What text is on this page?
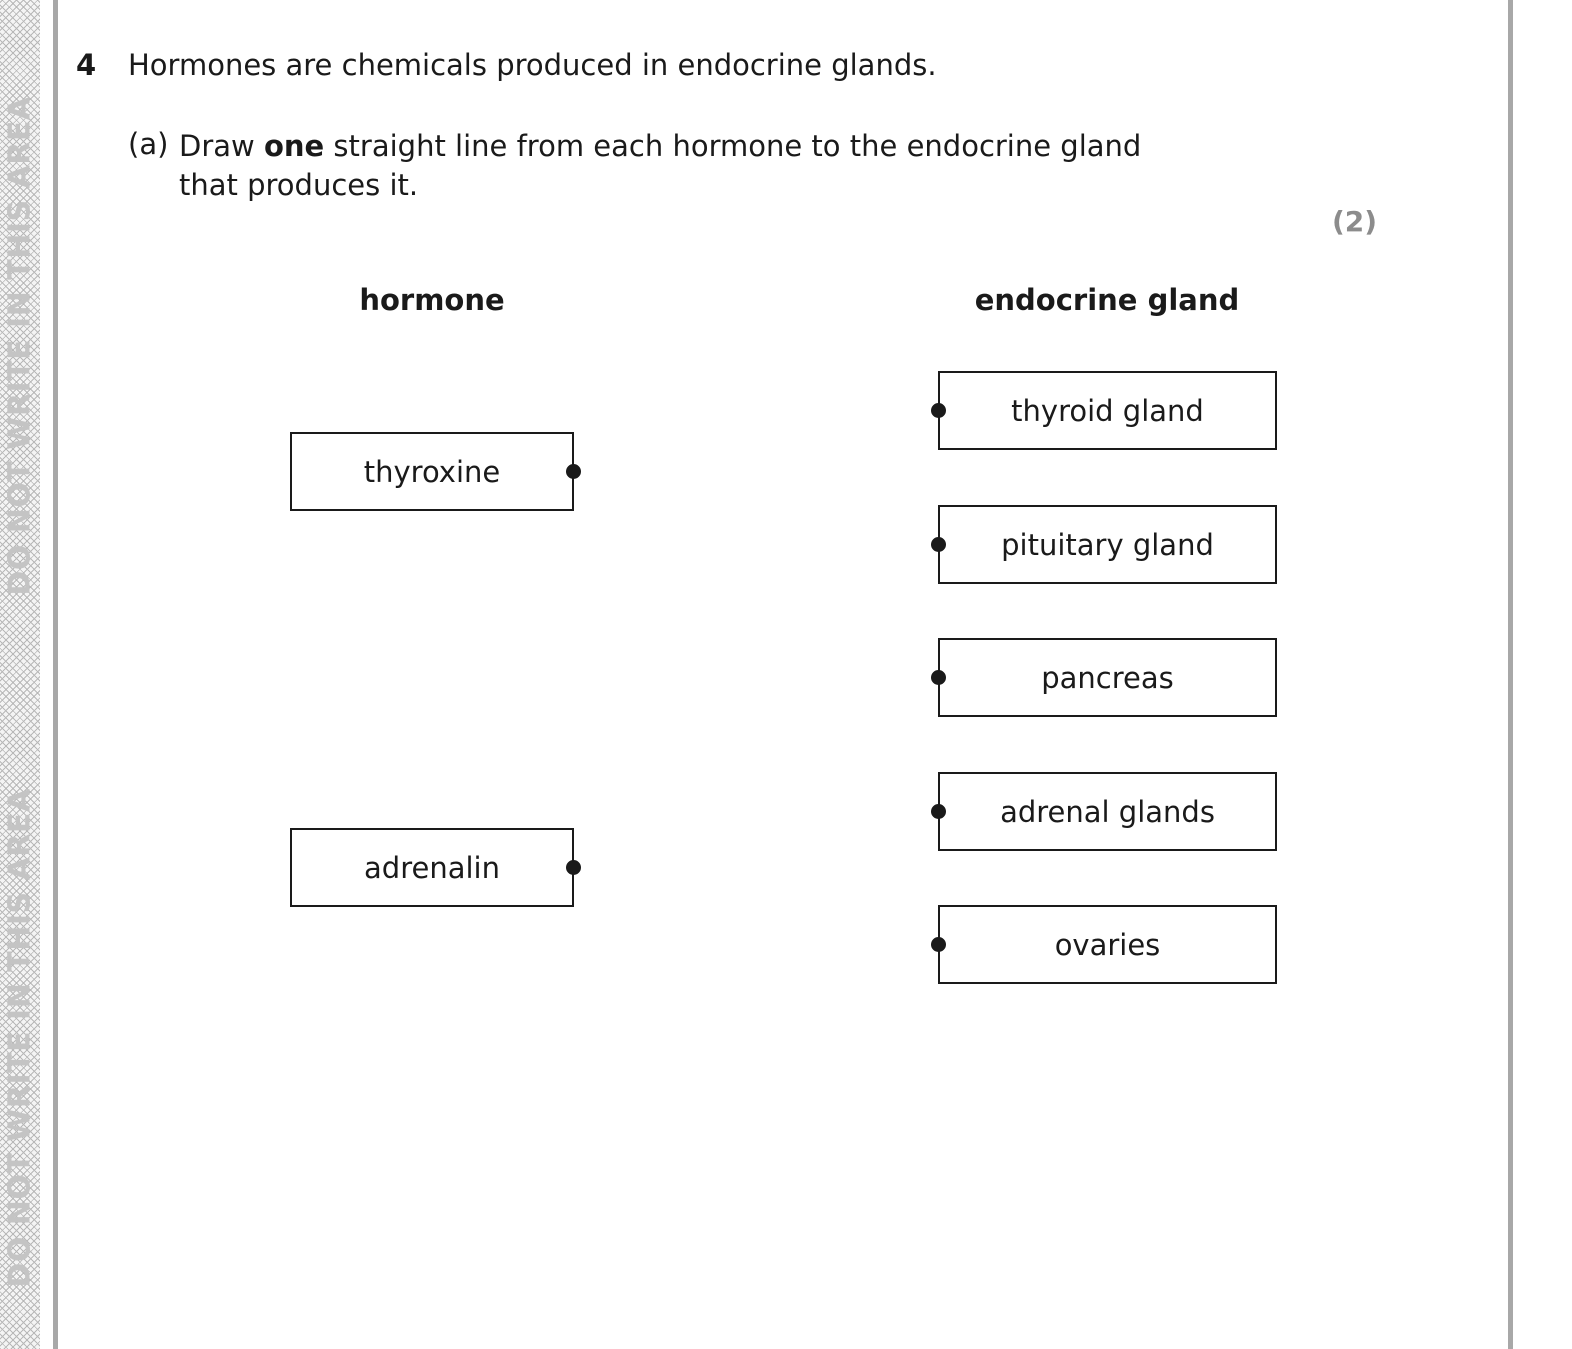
DO NOT WRITE IN THIS AREA
DO NOT WRITE IN THIS AREA
4 Hormones are chemicals produced in endocrine glands.
(a) Draw one straight line from each hormone to the endocrine gland that produces it.
(2)
hormone	endocrine gland
thyroxine
adrenalin
thyroid gland
pituitary gland
pancreas
adrenal glands
ovaries
